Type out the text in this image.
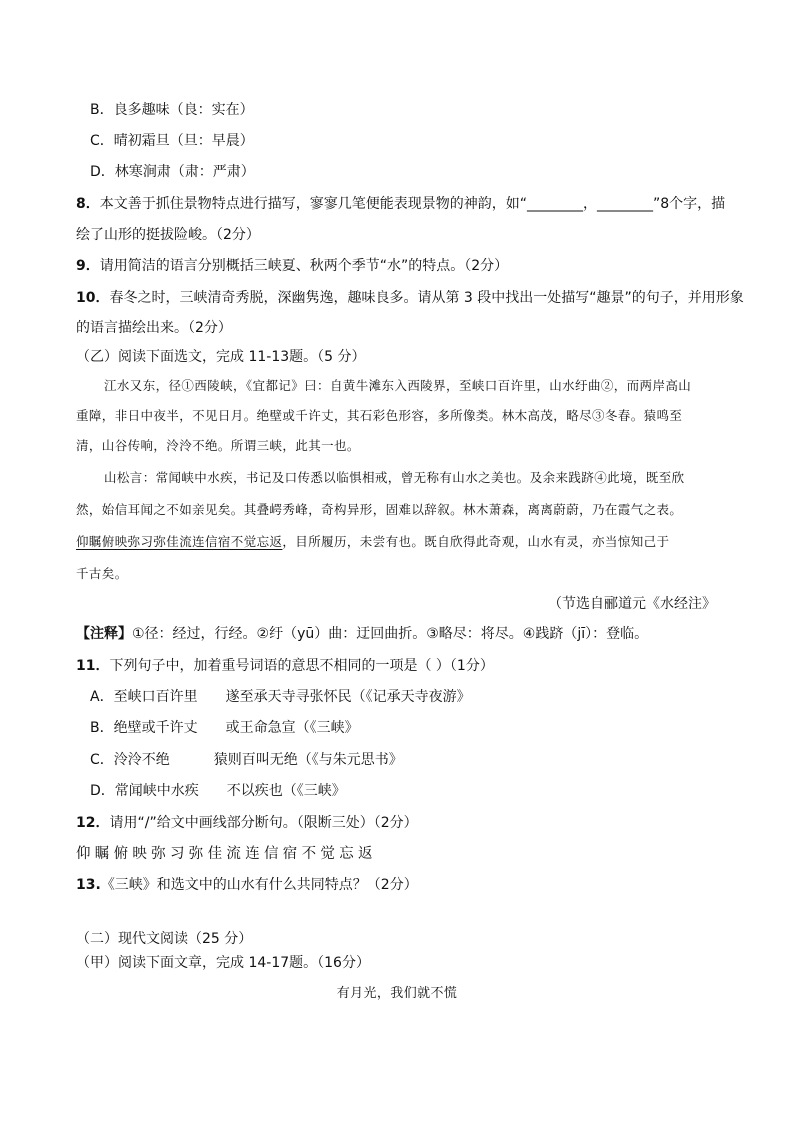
B．良多趣味（良：实在）
C．晴初霜旦（旦：早晨）
D．林寒涧肃（肃：严肃）
8．本文善于抓住景物特点进行描写，寥寥几笔便能表现景物的神韵，如“________，________”8个字，描
绘了山形的挺拔险峻。（2分）
9．请用简洁的语言分别概括三峡夏、秋两个季节“水”的特点。（2分）
10．春冬之时，三峡清奇秀脱，深幽隽逸，趣味良多。请从第 3 段中找出一处描写“趣景”的句子，并用形象
的语言描绘出来。（2分）
（乙）阅读下面选文，完成 11-13题。（5 分）
江水又东，径①西陵峡，《宜都记》曰：自黄牛滩东入西陵界，至峡口百许里，山水纡曲②，而两岸高山
重障，非日中夜半，不见日月。绝壁或千许丈，其石彩色形容，多所像类。林木高茂，略尽③冬春。猿鸣至
清，山谷传响，泠泠不绝。所谓三峡，此其一也。
山松言：常闻峡中水疾，书记及口传悉以临惧相戒，曾无称有山水之美也。及余来践跻④此境，既至欣
然，始信耳闻之不如亲见矣。其叠崿秀峰，奇构异形，固难以辞叙。林木萧森，离离蔚蔚，乃在霞气之表。
仰瞩俯映弥习弥佳流连信宿不觉忘返，目所履历，未尝有也。既自欣得此奇观，山水有灵，亦当惊知己于
千古矣。
（节选自郦道元《水经注》
【注释】①径：经过，行经。②纡（yū）曲：迂回曲折。③略尽：将尽。④践跻（jī）：登临。
11．下列句子中，加着重号词语的意思不相同的一项是（ ）（1分）
A．至峡口百许里 遂至承天寺寻张怀民（《记承天寺夜游》
B．绝壁或千许丈 或王命急宣（《三峡》
C．泠泠不绝	猿则百叫无绝（《与朱元思书》
D．常闻峡中水疾 不以疾也（《三峡》
12．请用“/”给文中画线部分断句。（限断三处）（2分）
仰瞩俯映弥习弥佳流连信宿不觉忘返
13.《三峡》和选文中的山水有什么共同特点？（2分）
（二）现代文阅读（25 分）
（甲）阅读下面文章，完成 14-17题。（16分）
有月光，我们就不慌
